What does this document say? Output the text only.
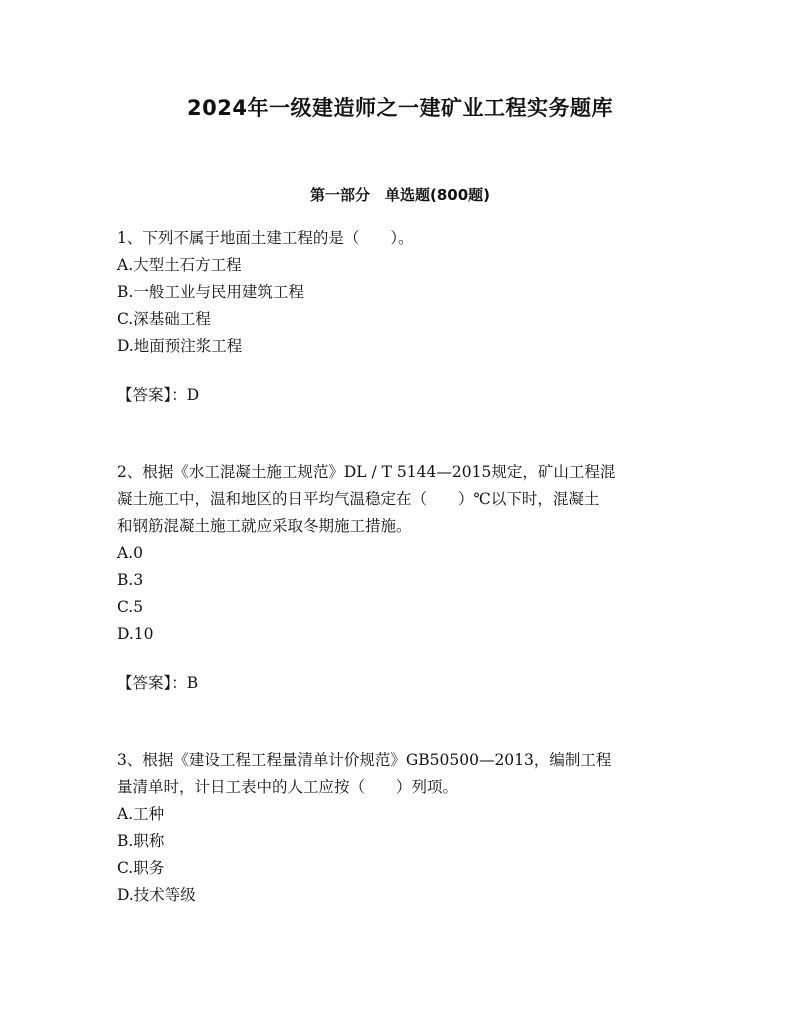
2024年一级建造师之一建矿业工程实务题库
第一部分　单选题(800题)

1、下列不属于地面土建工程的是（　　）。

A.大型土石方工程

B.一般工业与民用建筑工程

C.深基础工程

D.地面预注浆工程

【答案】：D

2、根据《水工混凝土施工规范》DL / T 5144—2015规定，矿山工程混

凝土施工中，温和地区的日平均气温稳定在（　　）℃以下时，混凝土

和钢筋混凝土施工就应采取冬期施工措施。

A.0

B.3

C.5

D.10

【答案】：B

3、根据《建设工程工程量清单计价规范》GB50500—2013，编制工程

量清单时，计日工表中的人工应按（　　）列项。

A.工种

B.职称

C.职务

D.技术等级
